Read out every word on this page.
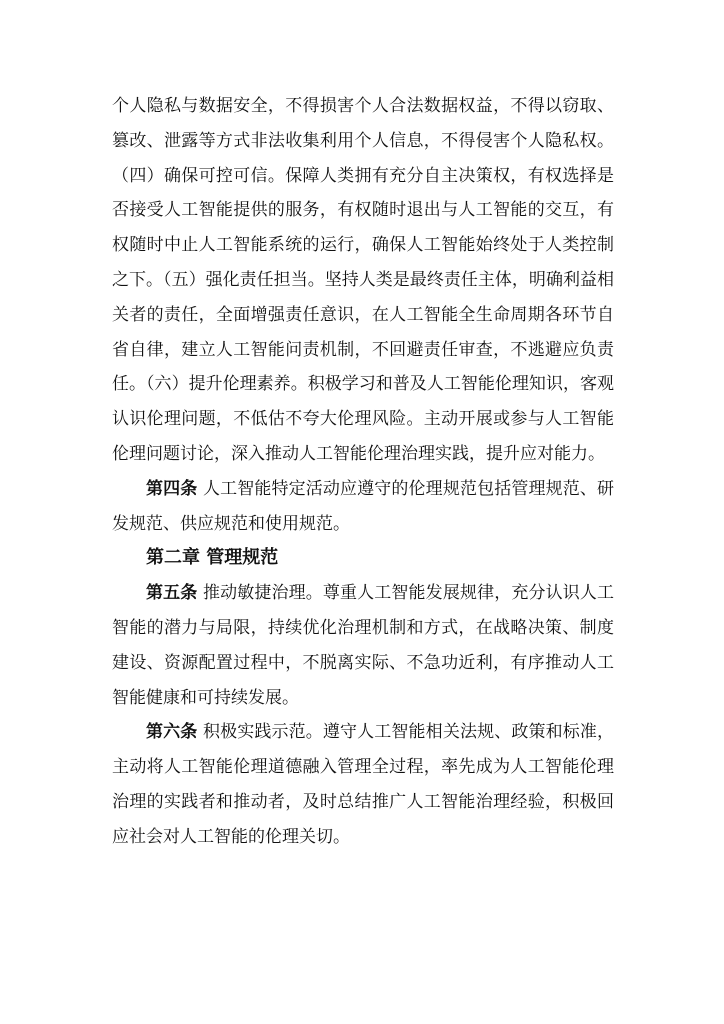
个人隐私与数据安全，不得损害个人合法数据权益，不得以窃取、篡改、泄露等方式非法收集利用个人信息，不得侵害个人隐私权。（四）确保可控可信。保障人类拥有充分自主决策权，有权选择是否接受人工智能提供的服务，有权随时退出与人工智能的交互，有权随时中止人工智能系统的运行，确保人工智能始终处于人类控制之下。（五）强化责任担当。坚持人类是最终责任主体，明确利益相关者的责任，全面增强责任意识，在人工智能全生命周期各环节自省自律，建立人工智能问责机制，不回避责任审查，不逃避应负责任。（六）提升伦理素养。积极学习和普及人工智能伦理知识，客观认识伦理问题，不低估不夸大伦理风险。主动开展或参与人工智能伦理问题讨论，深入推动人工智能伦理治理实践，提升应对能力。

第四条 人工智能特定活动应遵守的伦理规范包括管理规范、研发规范、供应规范和使用规范。

第二章 管理规范

第五条 推动敏捷治理。尊重人工智能发展规律，充分认识人工智能的潜力与局限，持续优化治理机制和方式，在战略决策、制度建设、资源配置过程中，不脱离实际、不急功近利，有序推动人工智能健康和可持续发展。

第六条 积极实践示范。遵守人工智能相关法规、政策和标准，主动将人工智能伦理道德融入管理全过程，率先成为人工智能伦理治理的实践者和推动者，及时总结推广人工智能治理经验，积极回应社会对人工智能的伦理关切。
